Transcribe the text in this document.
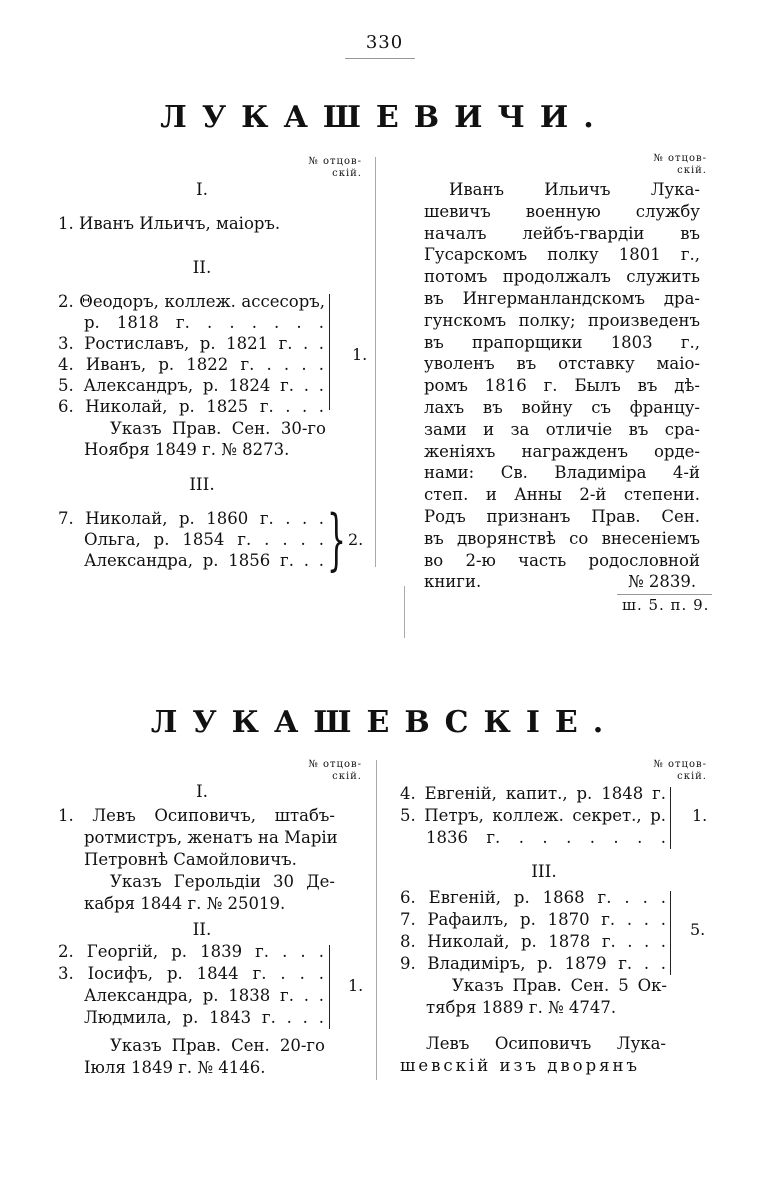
330
ЛУКАШЕВИЧИ.
№ отцов-
скій.
№ отцов-
скій.
I.
1. Иванъ Ильичъ, маіоръ.
II.
2. Θеодоръ, коллеж. ассесоръ,
р. 1818 г. . . . . . .
3. Ростиславъ, р. 1821 г. . .
4. Иванъ, р. 1822 г. . . . .
5. Александръ, р. 1824 г. . .
6. Николай, р. 1825 г. . . .
1.
Указъ Прав. Сен. 30-го
Ноября 1849 г. № 8273.
III.
7. Николай, р. 1860 г. . . .
Ольга, р. 1854 г. . . . .
Александра, р. 1856 г. . . } 2.
Иванъ Ильичъ Лука-
шевичъ военную службу
началъ лейбъ-гвардіи въ
Гусарскомъ полку 1801 г.,
потомъ продолжалъ служить
въ Ингерманландскомъ дра-
гунскомъ полку; произведенъ
въ прапорщики 1803 г.,
уволенъ въ отставку маіо-
ромъ 1816 г. Былъ въ дѣ-
лахъ въ войну съ францу-
зами и за отличіе въ сра-
женіяхъ награжденъ орде-
нами: Св. Владиміра 4-й
степ. и Анны 2-й степени.
Родъ признанъ Прав. Сен.
въ дворянствѣ со внесеніемъ
во 2-ю часть родословной
книги.	№ 2839.
ш. 5. п. 9.
ЛУКАШЕВСКІЕ.
№ отцов-
скій.
№ отцов-
скій.
I.
1. Левъ Осиповичъ, штабъ-
ротмистръ, женатъ на Маріи
Петровнѣ Самойловичъ.
Указъ Герольдіи 30 Де-
кабря 1844 г. № 25019.
II.
2. Георгій, р. 1839 г. . . .
3. Іосифъ, р. 1844 г. . . .
Александра, р. 1838 г. . .
Людмила, р. 1843 г. . . .
1.
Указъ Прав. Сен. 20-го
Іюля 1849 г. № 4146.
4. Евгеній, капит., р. 1848 г.
5. Петръ, коллеж. секрет., р.
1836 г. . . . . . . .
1.
III.
6. Евгеній, р. 1868 г. . . .
7. Рафаилъ, р. 1870 г. . . .
8. Николай, р. 1878 г. . . .
9. Владиміръ, р. 1879 г. . .
5.
Указъ Прав. Сен. 5 Ок-
тября 1889 г. № 4747.
Левъ Осиповичъ Лука-
шевскій изъ дворянъ
